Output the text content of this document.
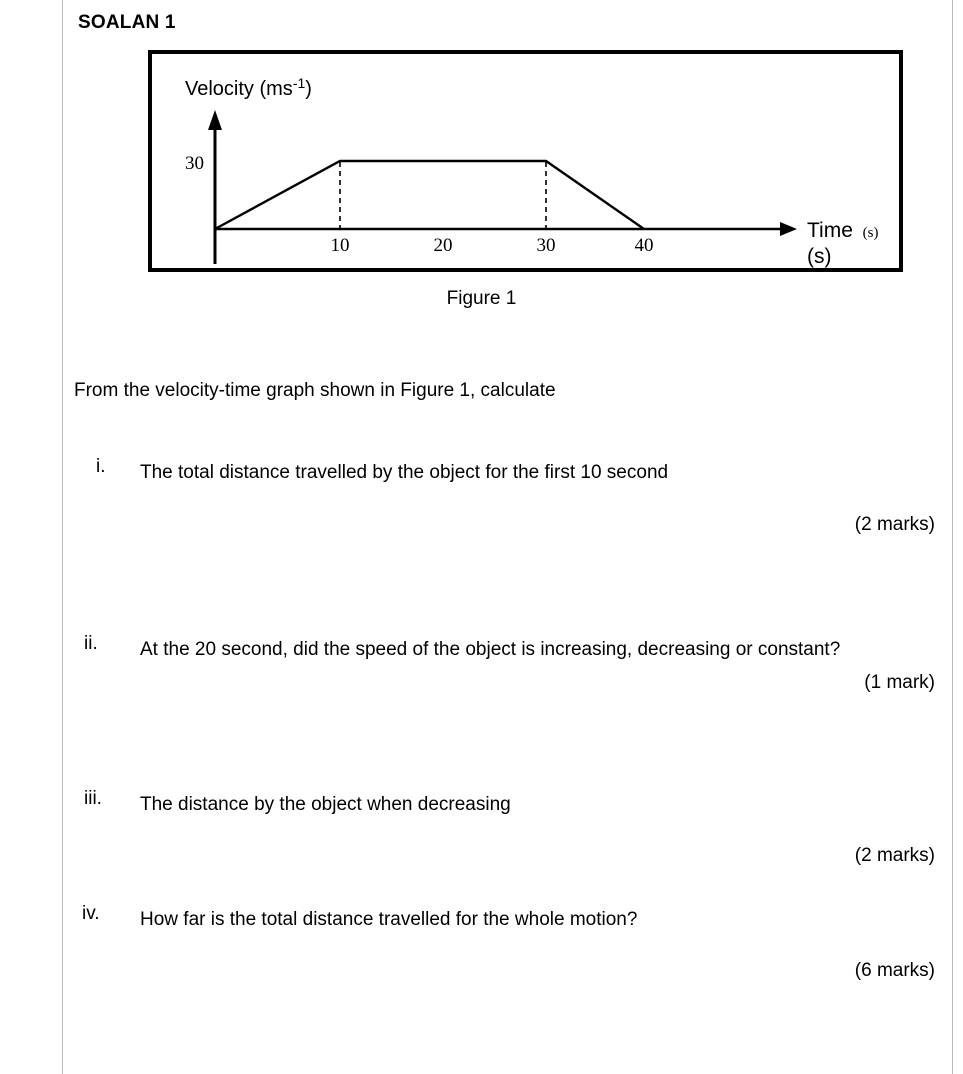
SOALAN 1
30
10	20	30	40
Velocity $(ms^{-1})$
Time (s)
(s)
Figure 1
From the velocity-time graph shown in Figure 1, calculate
i. The total distance travelled by the object for the first 10 second
(2 marks)
ii. At the 20 second, did the speed of the object is increasing, decreasing or constant?
(1 mark)
iii. The distance by the object when decreasing
(2 marks)
iv. How far is the total distance travelled for the whole motion?
(6 marks)
